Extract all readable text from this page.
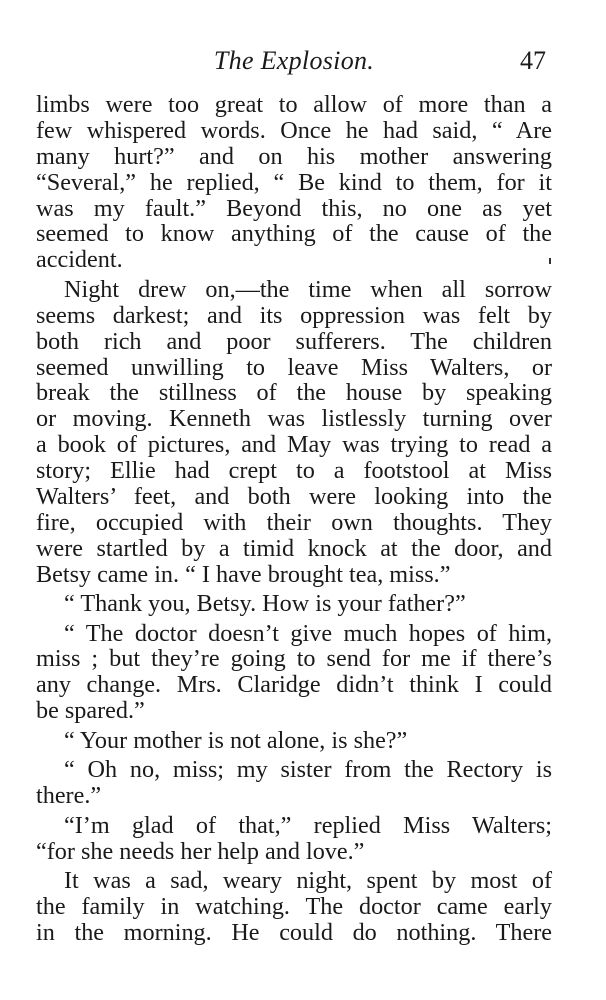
The Explosion.	47
limbs were too great to allow of more than a
few whispered words. Once he had said, “ Are
many hurt?” and on his mother answering
“Several,” he replied, “ Be kind to them, for it
was my fault.” Beyond this, no one as yet
seemed to know anything of the cause of the
accident.
Night drew on,—the time when all sorrow
seems darkest; and its oppression was felt by
both rich and poor sufferers. The children
seemed unwilling to leave Miss Walters, or
break the stillness of the house by speaking
or moving. Kenneth was listlessly turning over
a book of pictures, and May was trying to read a
story; Ellie had crept to a footstool at Miss
Walters’ feet, and both were looking into the
fire, occupied with their own thoughts. They
were startled by a timid knock at the door, and
Betsy came in. “ I have brought tea, miss.”
“ Thank you, Betsy. How is your father?”
“ The doctor doesn’t give much hopes of him,
miss ; but they’re going to send for me if there’s
any change. Mrs. Claridge didn’t think I could
be spared.”
“ Your mother is not alone, is she?”
“ Oh no, miss; my sister from the Rectory is
there.”
“I’m glad of that,” replied Miss Walters;
“for she needs her help and love.”
It was a sad, weary night, spent by most of
the family in watching. The doctor came early
in the morning. He could do nothing. There
